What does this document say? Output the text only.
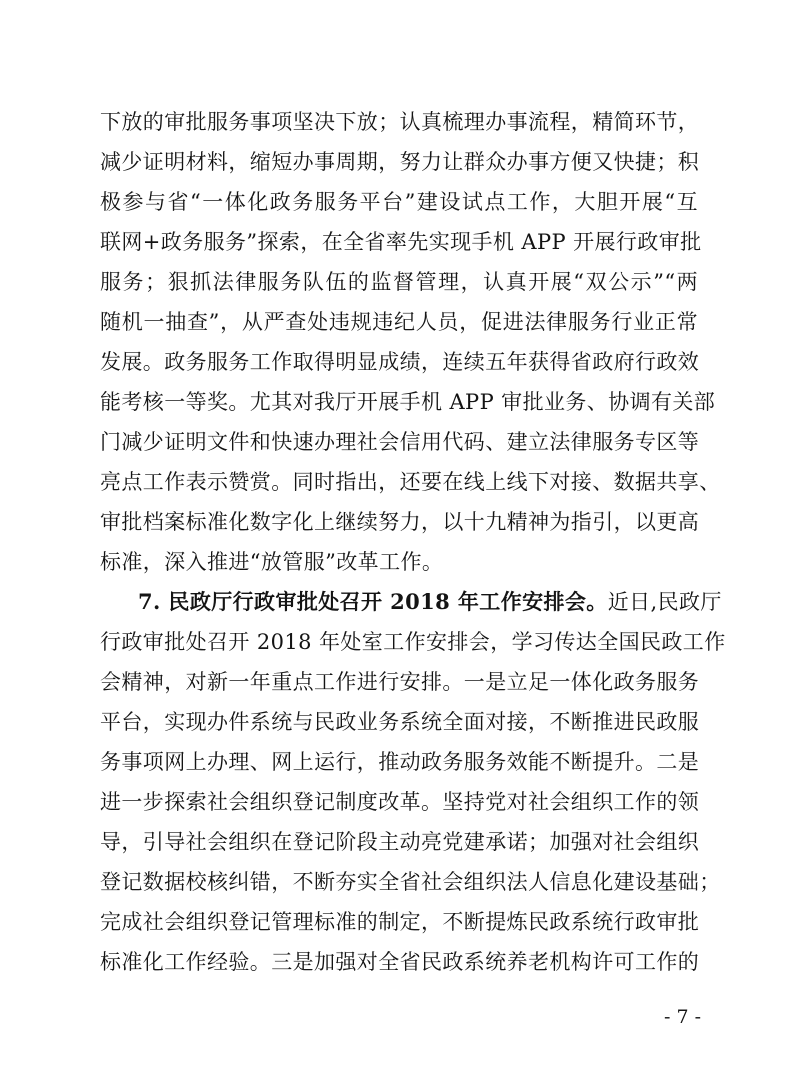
下放的审批服务事项坚决下放；认真梳理办事流程，精简环节，
减少证明材料，缩短办事周期，努力让群众办事方便又快捷；积
极参与省“一体化政务服务平台”建设试点工作，大胆开展“互
联网+政务服务”探索，在全省率先实现手机 APP 开展行政审批
服务；狠抓法律服务队伍的监督管理，认真开展“双公示”“两
随机一抽查”，从严查处违规违纪人员，促进法律服务行业正常
发展。政务服务工作取得明显成绩，连续五年获得省政府行政效
能考核一等奖。尤其对我厅开展手机 APP 审批业务、协调有关部
门减少证明文件和快速办理社会信用代码、建立法律服务专区等
亮点工作表示赞赏。同时指出，还要在线上线下对接、数据共享、
审批档案标准化数字化上继续努力，以十九精神为指引，以更高
标准，深入推进“放管服”改革工作。
7. 民政厅行政审批处召开 2018 年工作安排会。近日,民政厅
行政审批处召开 2018 年处室工作安排会，学习传达全国民政工作
会精神，对新一年重点工作进行安排。一是立足一体化政务服务
平台，实现办件系统与民政业务系统全面对接，不断推进民政服
务事项网上办理、网上运行，推动政务服务效能不断提升。二是
进一步探索社会组织登记制度改革。坚持党对社会组织工作的领
导，引导社会组织在登记阶段主动亮党建承诺；加强对社会组织
登记数据校核纠错，不断夯实全省社会组织法人信息化建设基础；
完成社会组织登记管理标准的制定，不断提炼民政系统行政审批
标准化工作经验。三是加强对全省民政系统养老机构许可工作的
- 7 -
